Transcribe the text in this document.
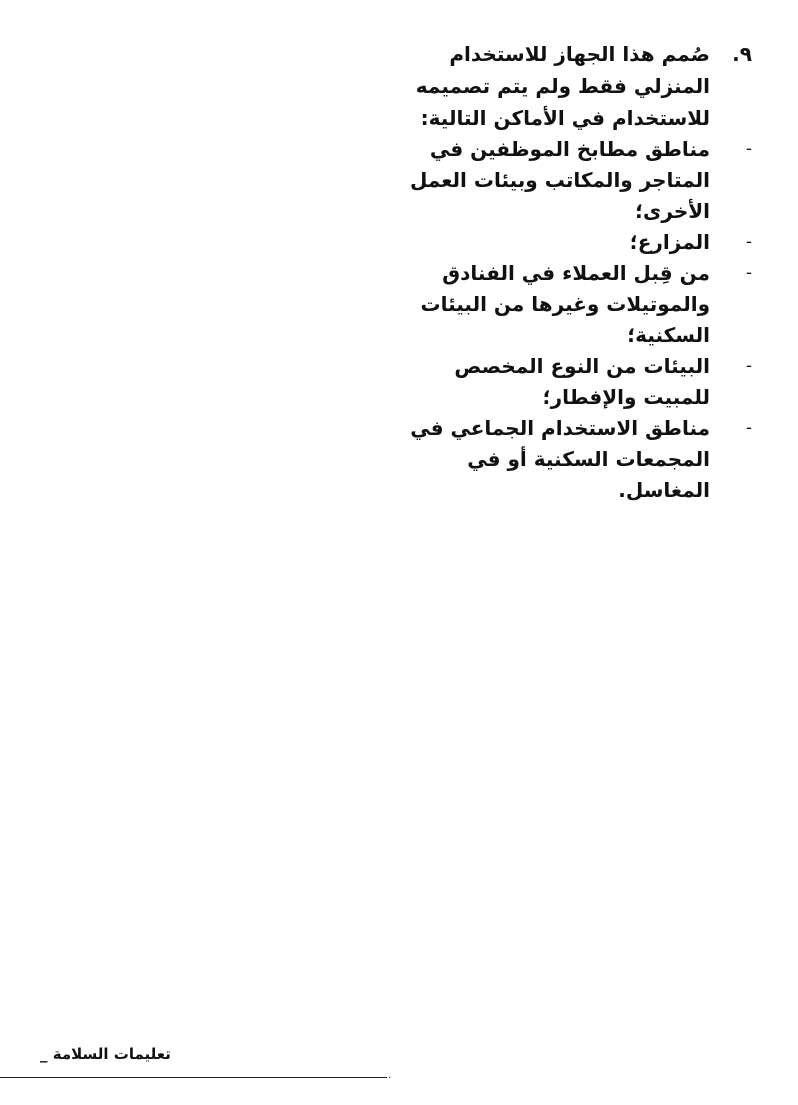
٩.
صُمم هذا الجهاز للاستخدام المنزلي فقط ولم يتم تصميمه للاستخدام في الأماكن التالية:
-
مناطق مطابخ الموظفين في المتاجر والمكاتب وبيئات العمل الأخرى؛
-
المزارع؛
-
من قِبل العملاء في الفنادق والموتيلات وغيرها من البيئات السكنية؛
-
البيئات من النوع المخصص للمبيت والإفطار؛
-
مناطق الاستخدام الجماعي في المجمعات السكنية أو في المغاسل.
تعليمات السلامة _
.
